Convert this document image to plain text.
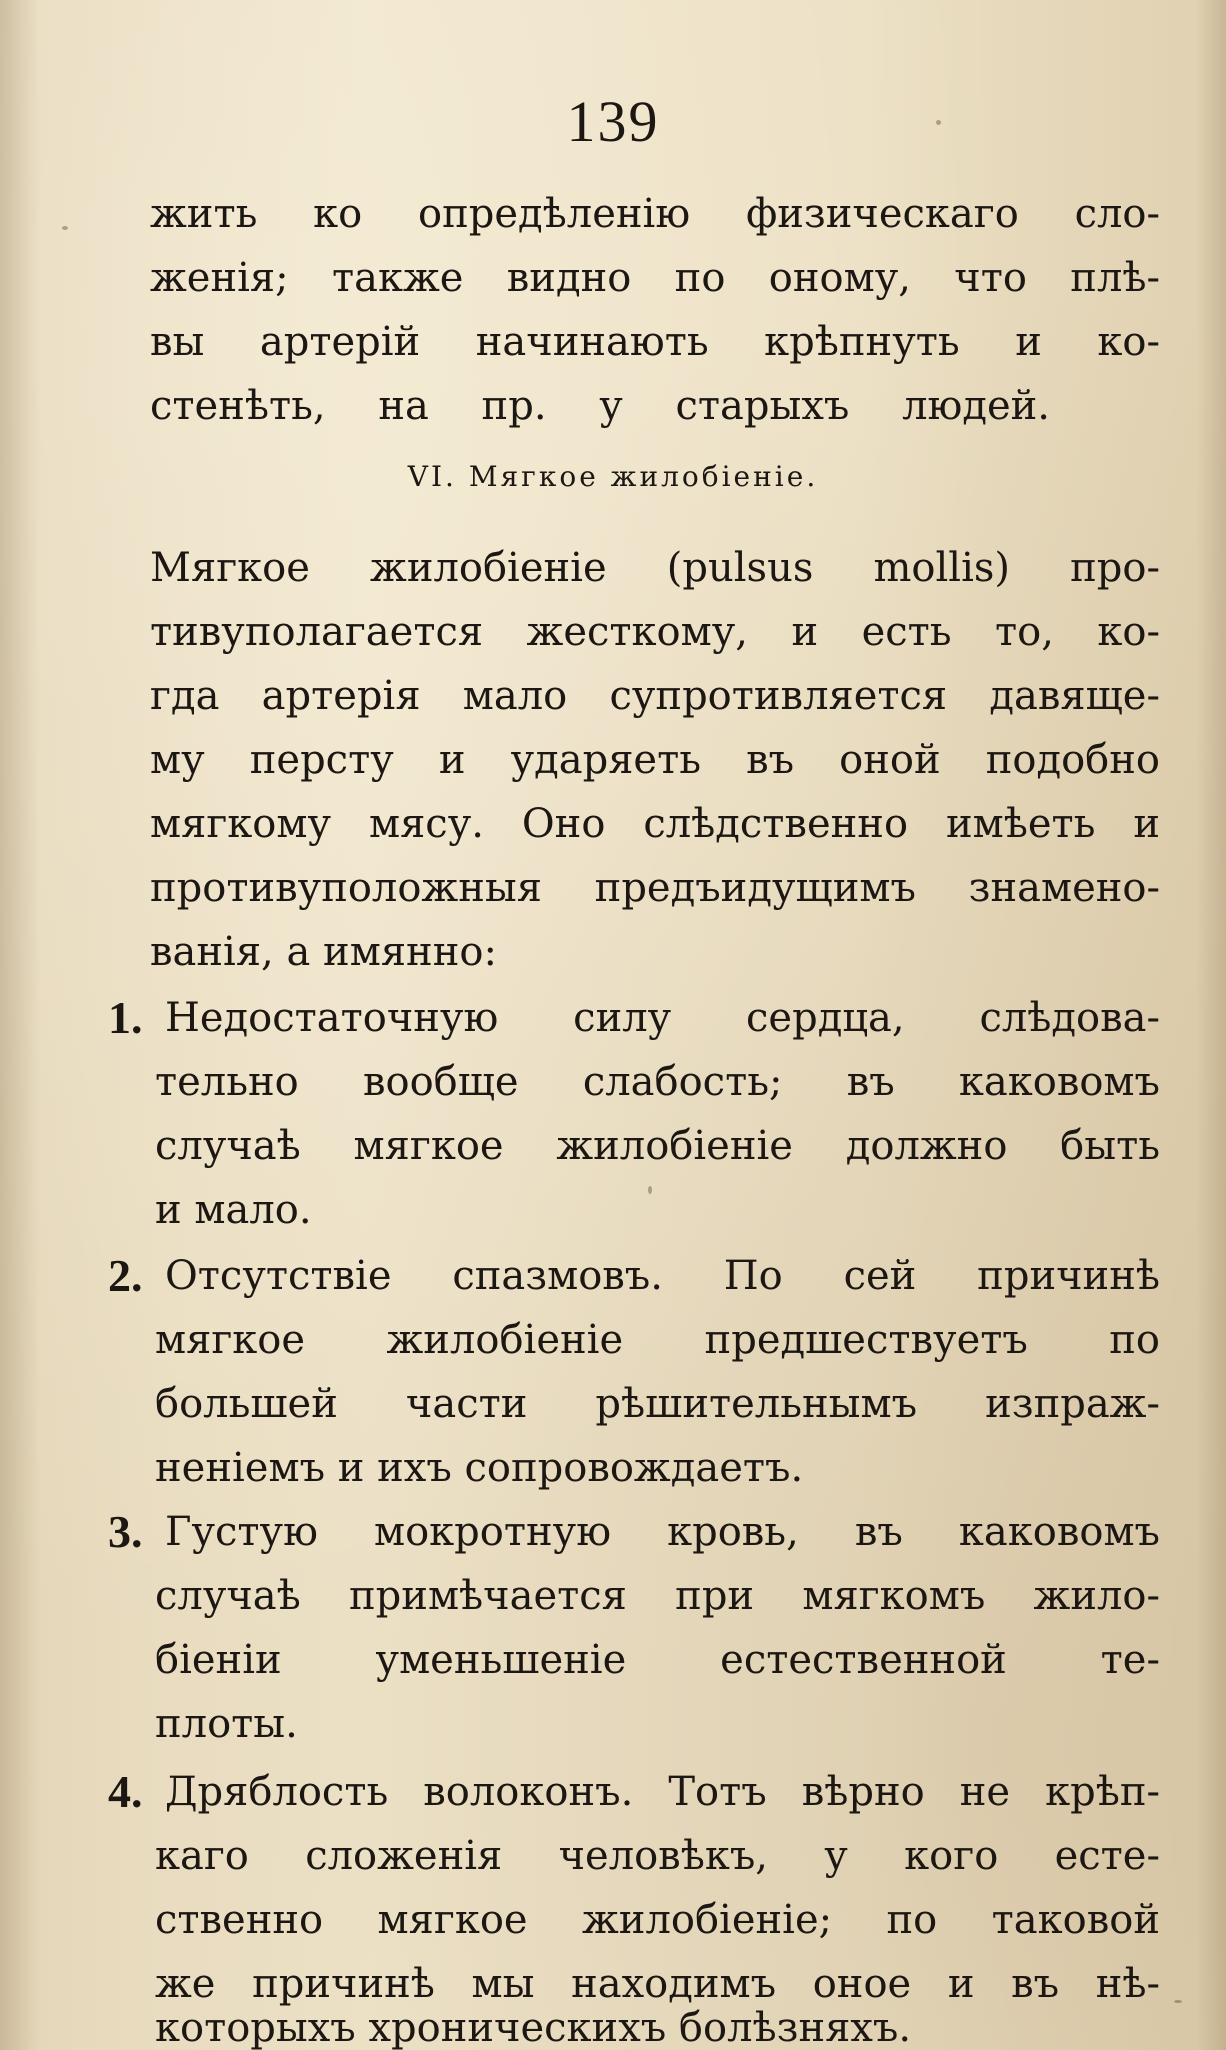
139
жить ко опредѣленію физическаго сло-
женія; также видно по оному, что плѣ-
вы артерій начинають крѣпнуть и ко-
стенѣть, на пр. у старыхъ людей.
VI. Мягкое жилобіеніе.
Мягкое жилобіеніе (pulsus mollis) про-
тивуполагается жесткому, и есть то, ко-
гда артерія мало супротивляется давяще-
му персту и ударяеть въ оной подобно
мягкому мясу. Оно слѣдственно имѣеть и
противуположныя предъидущимъ знамено-
ванія, а имянно:
1. Недостаточную силу сердца, слѣдова-
тельно вообще слабость; въ каковомъ
случаѣ мягкое жилобіеніе должно быть
и мало.
2. Отсутствіе спазмовъ. По сей причинѣ
мягкое жилобіеніе предшествуетъ по
большей части рѣшительнымъ изпраж-
неніемъ и ихъ сопровождаетъ.
3. Густую мокротную кровь, въ каковомъ
случаѣ примѣчается при мягкомъ жило-
біеніи уменьшеніе естественной те-
плоты.
4. Дряблость волоконъ. Тотъ вѣрно не крѣп-
каго сложенія человѣкъ, у кого есте-
ственно мягкое жилобіеніе; по таковой
же причинѣ мы находимъ оное и въ нѣ-
которыхъ хроническихъ болѣзняхъ.
